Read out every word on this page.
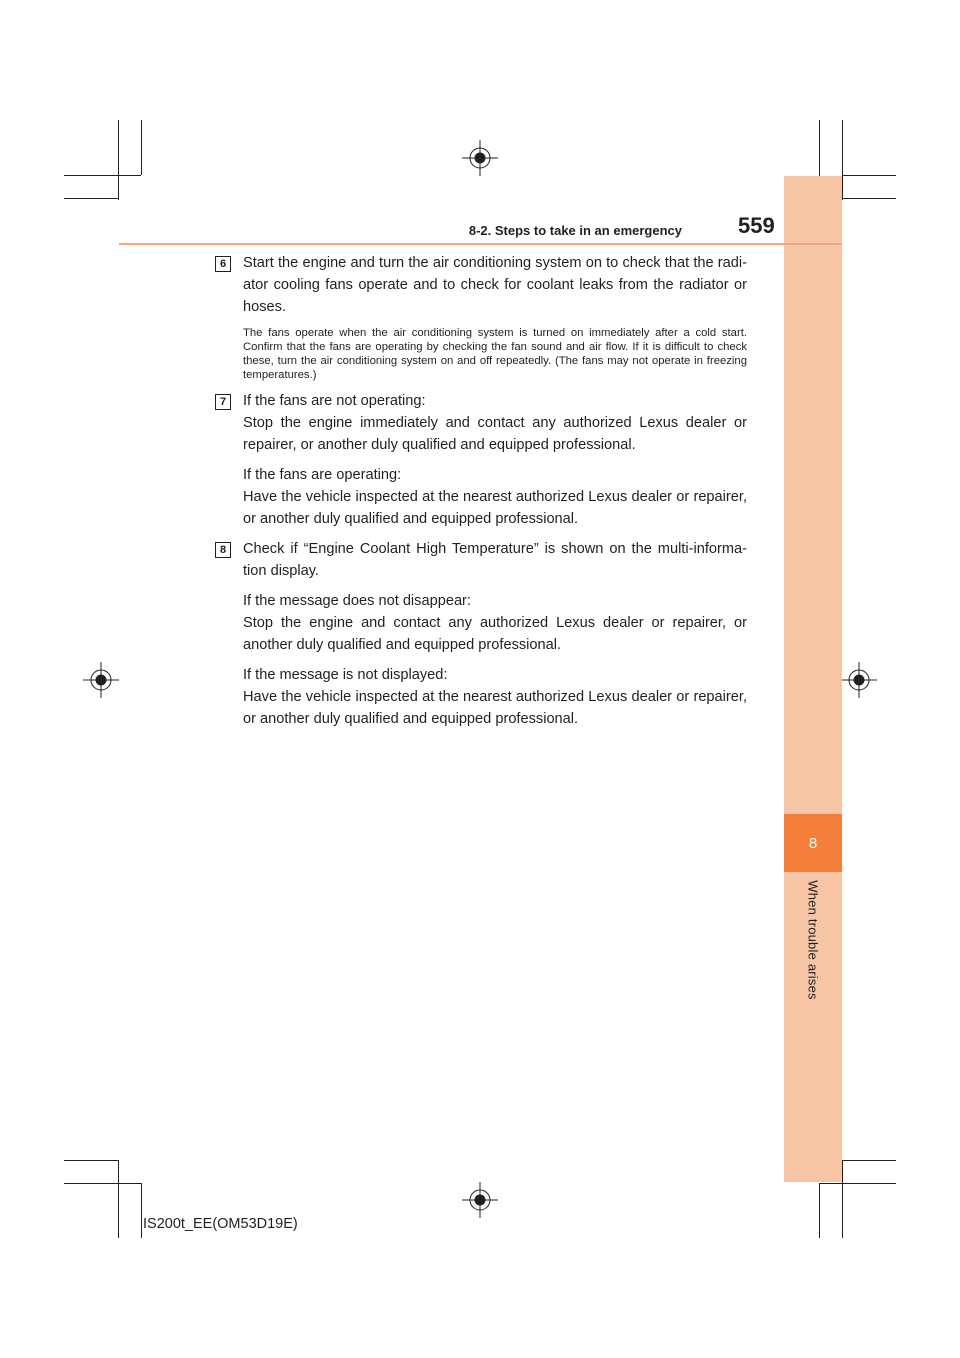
8
When trouble arises
8-2. Steps to take in an emergency	559
6	Start the engine and turn the air conditioning system on to check that the radi-ator cooling fans operate and to check for coolant leaks from the radiator or hoses.

The fans operate when the air conditioning system is turned on immediately after a cold start. Confirm that the fans are operating by checking the fan sound and air flow. If it is difficult to check these, turn the air conditioning system on and off repeatedly. (The fans may not operate in freezing temperatures.)

7	If the fans are not operating:

Stop the engine immediately and contact any authorized Lexus dealer or repairer, or another duly qualified and equipped professional.

If the fans are operating:

Have the vehicle inspected at the nearest authorized Lexus dealer or repairer, or another duly qualified and equipped professional.

8	Check if “Engine Coolant High Temperature” is shown on the multi-informa-tion display.

If the message does not disappear:

Stop the engine and contact any authorized Lexus dealer or repairer, or another duly qualified and equipped professional.

If the message is not displayed:

Have the vehicle inspected at the nearest authorized Lexus dealer or repairer, or another duly qualified and equipped professional.

IS200t_EE(OM53D19E)
